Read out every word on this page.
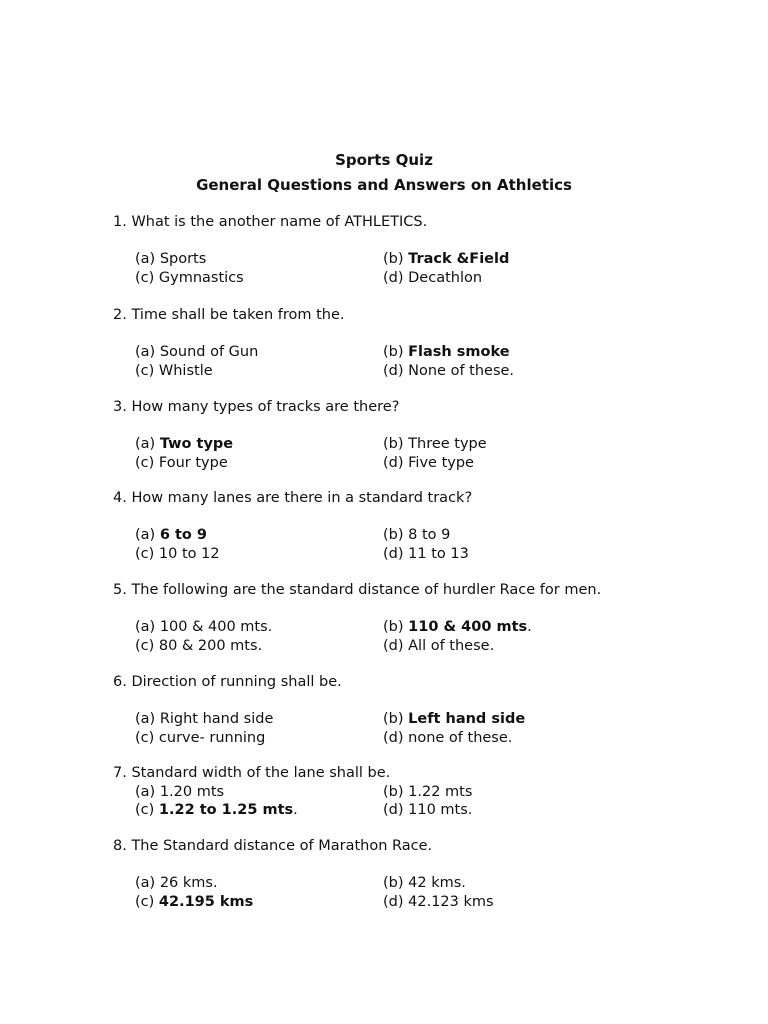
Sports Quiz
General Questions and Answers on Athletics
1. What is the another name of ATHLETICS.
(a) Sports	(b) Track &Field
(c) Gymnastics	(d) Decathlon
2. Time shall be taken from the.
(a) Sound of Gun	(b) Flash smoke
(c) Whistle	(d) None of these.
3. How many types of tracks are there?
(a) Two type	(b) Three type
(c) Four type	(d) Five type
4. How many lanes are there in a standard track?
(a) 6 to 9	(b) 8 to 9
(c) 10 to 12	(d) 11 to 13
5. The following are the standard distance of hurdler Race for men.
(a) 100 & 400 mts.	(b) 110 & 400 mts.
(c) 80 & 200 mts.	(d) All of these.
6. Direction of running shall be.
(a) Right hand side	(b) Left hand side
(c) curve- running	(d) none of these.
7. Standard width of the lane shall be.
(a) 1.20 mts	(b) 1.22 mts
(c) 1.22 to 1.25 mts.	(d) 110 mts.
8. The Standard distance of Marathon Race.
(a) 26 kms.	(b) 42 kms.
(c) 42.195 kms	(d) 42.123 kms
